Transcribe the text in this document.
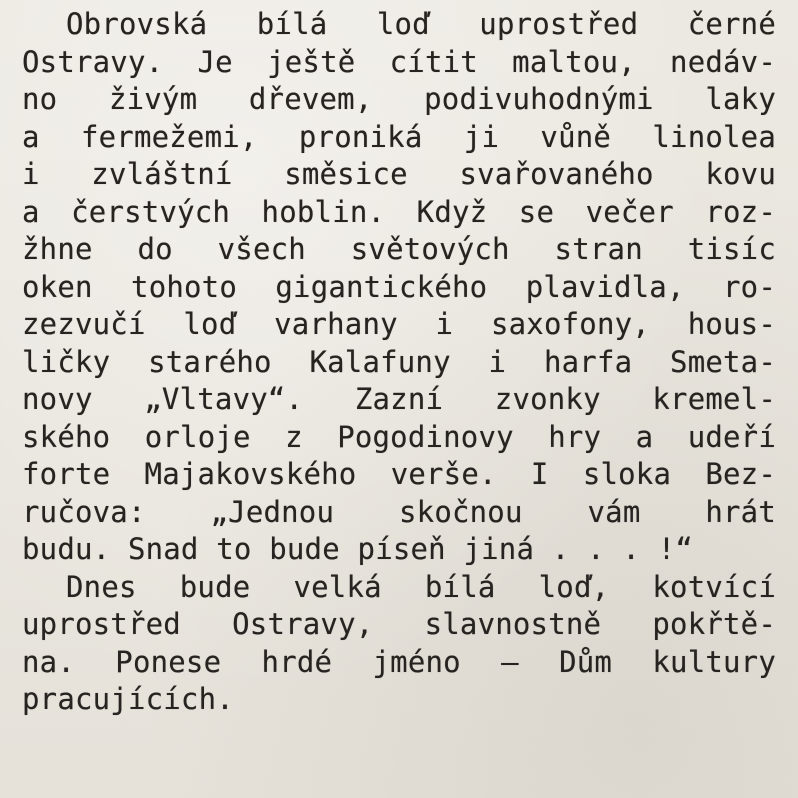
Obrovská bílá loď uprostřed černé
Ostravy. Je ještě cítit maltou, nedáv-
no živým dřevem, podivuhodnými laky
a fermežemi, proniká ji vůně linolea
i zvláštní směsice svařovaného kovu
a čerstvých hoblin. Když se večer roz-
žhne do všech světových stran tisíc
oken tohoto gigantického plavidla, ro-
zezvučí loď varhany i saxofony, hous-
ličky starého Kalafuny i harfa Smeta-
novy „Vltavy“. Zazní zvonky kremel-
ského orloje z Pogodinovy hry a udeří
forte Majakovského verše. I sloka Bez-
ručova: „Jednou skočnou vám hrát
budu. Snad to bude píseň jiná . . . !“
Dnes bude velká bílá loď, kotvící
uprostřed Ostravy, slavnostně pokřtě-
na. Ponese hrdé jméno — Dům kultury
pracujících.
